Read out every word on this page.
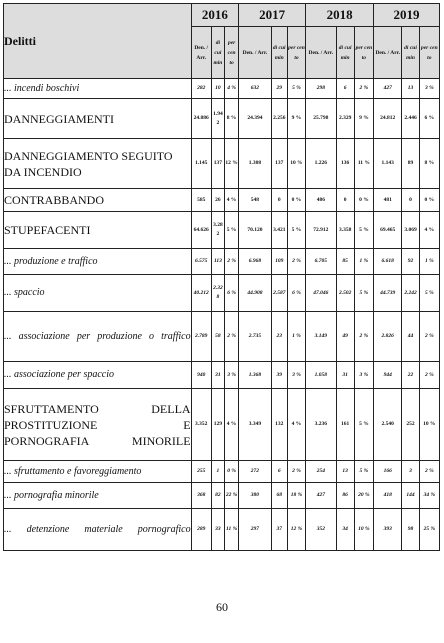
Delitti	2016			2017			2018			2019		
	Den. / Arr.	di cui min	per cen to	Den. / Arr.	di cui min	per cen to	Den. / Arr.	di cui min	per cen to	Den. / Arr.	di cui min	per cen to
... incendi boschivi	282	10	4 %	632	29	5 %	298	6	2 %	427	13	3 %
DANNEGGIAMENTI	24.886	1.942	8 %	24.394	2.256	9 %	25.798	2.329	9 %	24.812	2.446	6 %
DANNEGGIAMENTO SEGUITO DA INCENDIO	1.145	137	12 %	1.308	137	10 %	1.226	136	11 %	1.143	89	8 %
CONTRABBANDO	585	26	4 %	548	0	0 %	486	0	0 %	481	0	0 %
STUPEFACENTI	64.626	3.282	5 %	70.120	3.421	5 %	72.912	3.358	5 %	69.465	3.069	4 %
... produzione e traffico	6.575	113	2 %	6.968	109	2 %	6.705	85	1 %	6.618	92	1 %
... spaccio	40.212	2.328	6 %	44.908	2.587	6 %	47.046	2.502	5 %	44.739	2.242	5 %
... associazione per produzione o traffico	2.789	58	2 %	2.735	23	1 %	3.149	49	2 %	2.826	44	2 %
... associazione per spaccio	940	31	3 %	1.368	39	3 %	1.058	31	3 %	944	22	2 %
SFRUTTAMENTO DELLA PROSTITUZIONE E PORNOGRAFIA MINORILE	3.352	129	4 %	3.349	132	4 %	3.236	161	5 %	2.540	252	10 %
... sfruttamento e favoreggiamento	255	1	0 %	272	6	2 %	254	13	5 %	166	3	2 %
... pornografia minorile	368	82	22 %	380	68	18 %	427	86	20 %	418	144	34 %
... detenzione materiale pornografico	289	33	11 %	297	37	12 %	352	34	10 %	393	98	25 %
60
